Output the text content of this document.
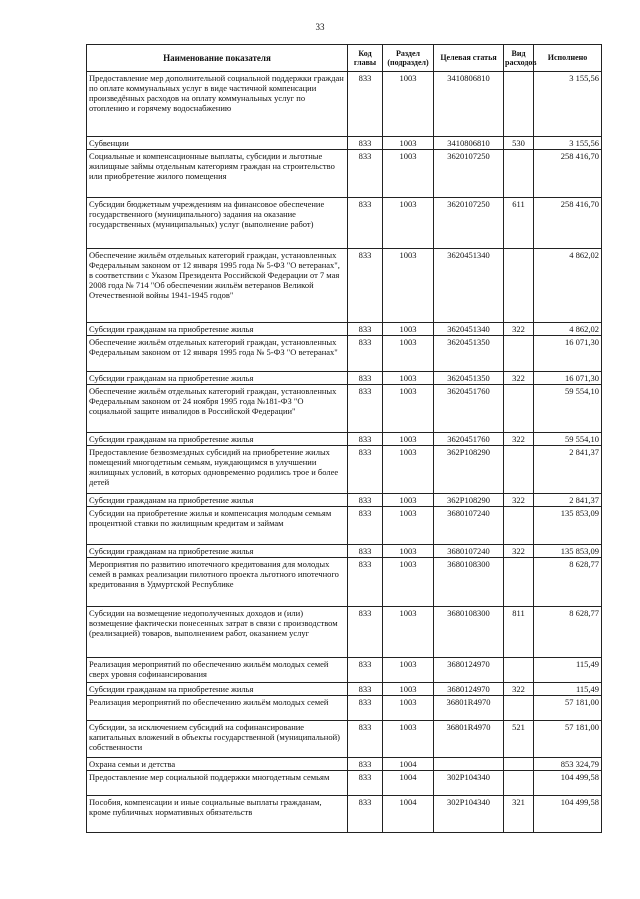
33
Наименование показателя	Код главы	Раздел (подраздел)	Целевая статья	Вид расходов	Исполнено
Предоставление мер дополнительной социальной поддержки граждан по оплате коммунальных услуг в виде частичной компенсации произведённых расходов на оплату коммунальных услуг по отоплению и горячему водоснабжению	833	1003	3410806810		3 155,56
Субвенции	833	1003	3410806810	530	3 155,56
Социальные и компенсационные выплаты, субсидии и льготные жилищные займы отдельным категориям граждан на строительство или приобретение жилого помещения	833	1003	3620107250		258 416,70
Субсидии бюджетным учреждениям на финансовое обеспечение государственного (муниципального) задания на оказание государственных (муниципальных) услуг (выполнение работ)	833	1003	3620107250	611	258 416,70
Обеспечение жильём отдельных категорий граждан, установленных Федеральным законом от 12 января 1995 года № 5-ФЗ "О ветеранах", в соответствии с Указом Президента Российской Федерации от 7 мая 2008 года № 714 "Об обеспечении жильём ветеранов Великой Отечественной войны 1941-1945 годов"	833	1003	3620451340		4 862,02
Субсидии гражданам на приобретение жилья	833	1003	3620451340	322	4 862,02
Обеспечение жильём отдельных категорий граждан, установленных Федеральным законом от 12 января 1995 года № 5-ФЗ "О ветеранах"	833	1003	3620451350		16 071,30
Субсидии гражданам на приобретение жилья	833	1003	3620451350	322	16 071,30
Обеспечение жильём отдельных категорий граждан, установленных Федеральным законом от 24 ноября 1995 года №181-ФЗ "О социальной защите инвалидов в Российской Федерации"	833	1003	3620451760		59 554,10
Субсидии гражданам на приобретение жилья	833	1003	3620451760	322	59 554,10
Предоставление безвозмездных субсидий на приобретение жилых помещений многодетным семьям, нуждающимся в улучшении жилищных условий, в которых одновременно родились трое и более детей	833	1003	362P108290		2 841,37
Субсидии гражданам на приобретение жилья	833	1003	362P108290	322	2 841,37
Субсидии на приобретение жилья и компенсация молодым семьям процентной ставки по жилищным кредитам и займам	833	1003	3680107240		135 853,09
Субсидии гражданам на приобретение жилья	833	1003	3680107240	322	135 853,09
Мероприятия по развитию ипотечного кредитования для молодых семей в рамках реализации пилотного проекта льготного ипотечного кредитования в Удмуртской Республике	833	1003	3680108300		8 628,77
Субсидии на возмещение недополученных доходов и (или) возмещение фактически понесенных затрат в связи с производством (реализацией) товаров, выполнением работ, оказанием услуг	833	1003	3680108300	811	8 628,77
Реализация мероприятий по обеспечению жильём молодых семей сверх уровня софинансирования	833	1003	3680124970		115,49
Субсидии гражданам на приобретение жилья	833	1003	3680124970	322	115,49
Реализация мероприятий по обеспечению жильём молодых семей	833	1003	36801R4970		57 181,00
Субсидии, за исключением субсидий на софинансирование капитальных вложений в объекты государственной (муниципальной) собственности	833	1003	36801R4970	521	57 181,00
Охрана семьи и детства	833	1004			853 324,79
Предоставление мер социальной поддержки многодетным семьям	833	1004	302P104340		104 499,58
Пособия, компенсации и иные социальные выплаты гражданам, кроме публичных нормативных обязательств	833	1004	302P104340	321	104 499,58
